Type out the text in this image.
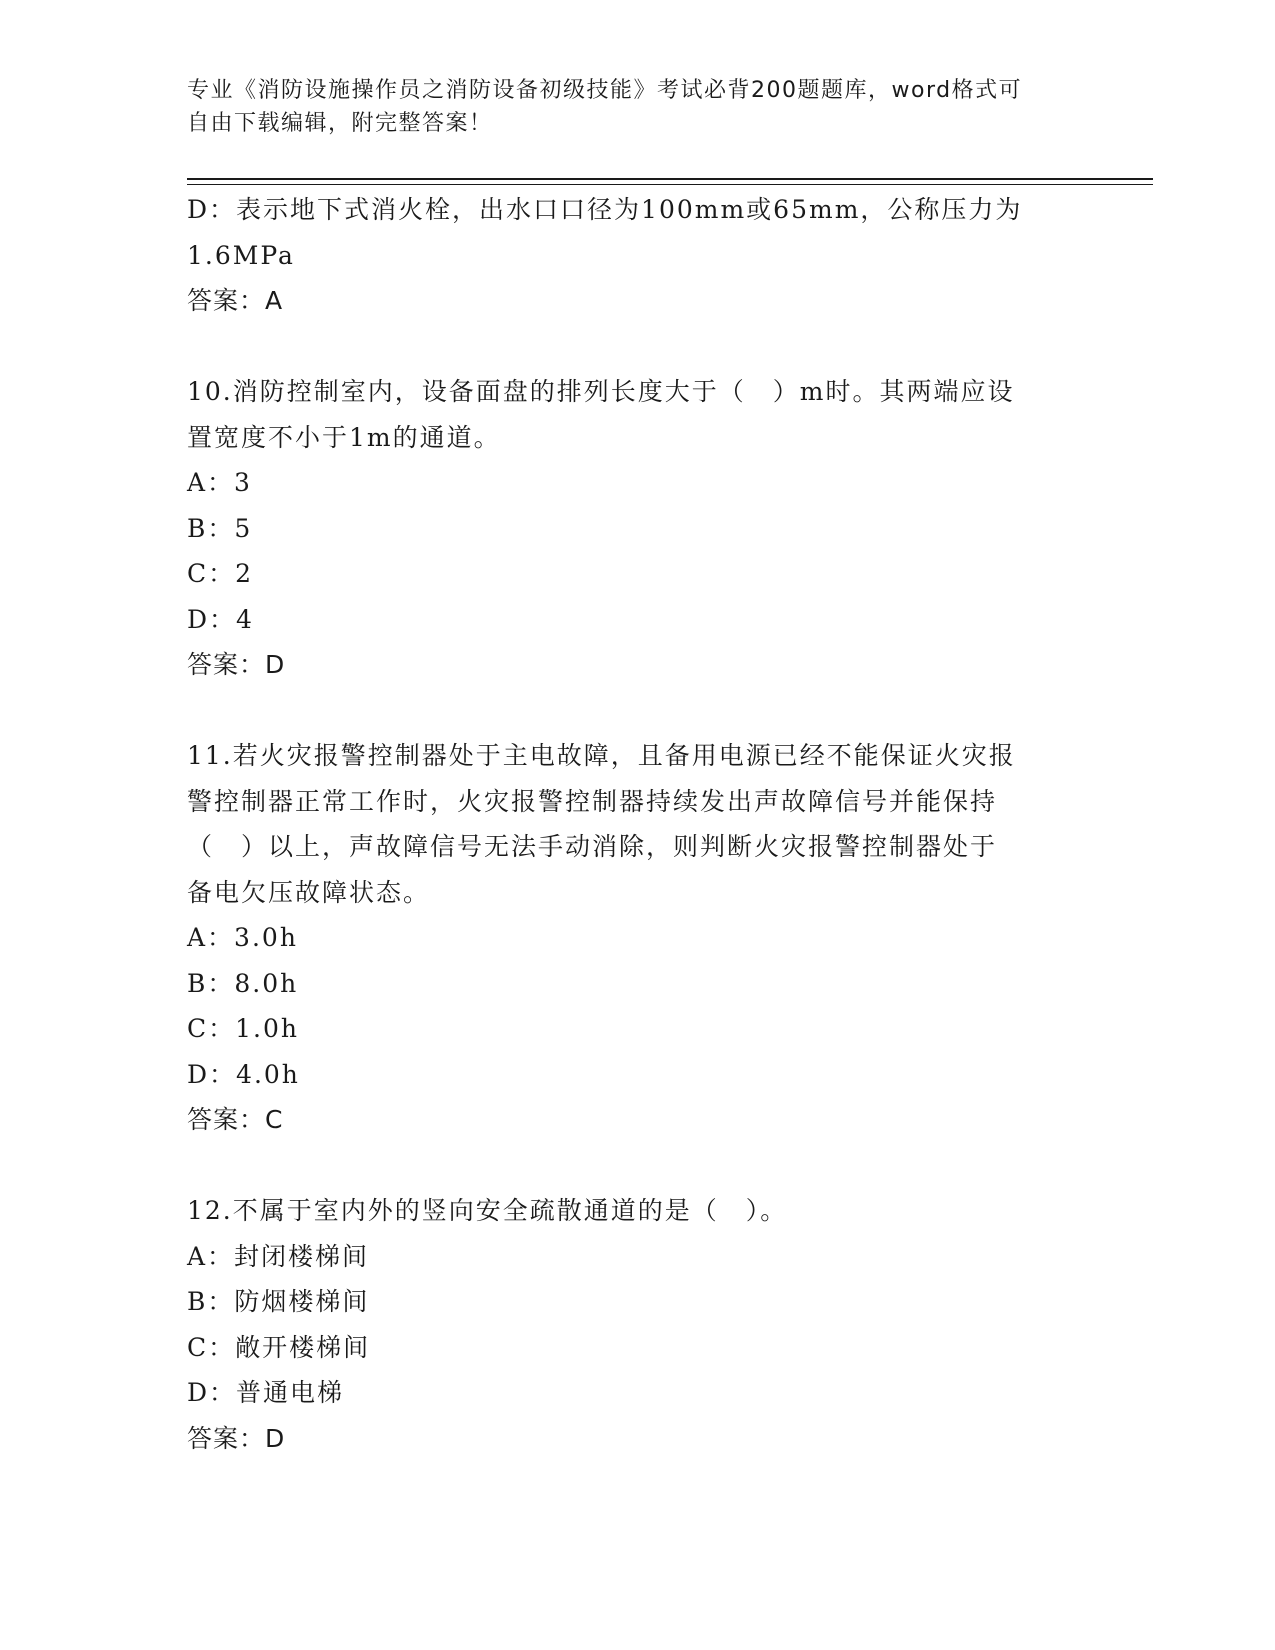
专业《消防设施操作员之消防设备初级技能》考试必背200题题库，word格式可
自由下载编辑，附完整答案！
D：表示地下式消火栓，出水口口径为100mm或65mm，公称压力为
1.6MPa
答案：A
10.消防控制室内，设备面盘的排列长度大于（　）m时。其两端应设
置宽度不小于1m的通道。
A：3
B：5
C：2
D：4
答案：D
11.若火灾报警控制器处于主电故障，且备用电源已经不能保证火灾报
警控制器正常工作时，火灾报警控制器持续发出声故障信号并能保持
（　）以上，声故障信号无法手动消除，则判断火灾报警控制器处于
备电欠压故障状态。
A：3.0h
B：8.0h
C：1.0h
D：4.0h
答案：C
12.不属于室内外的竖向安全疏散通道的是（　）。
A：封闭楼梯间
B：防烟楼梯间
C：敞开楼梯间
D：普通电梯
答案：D
